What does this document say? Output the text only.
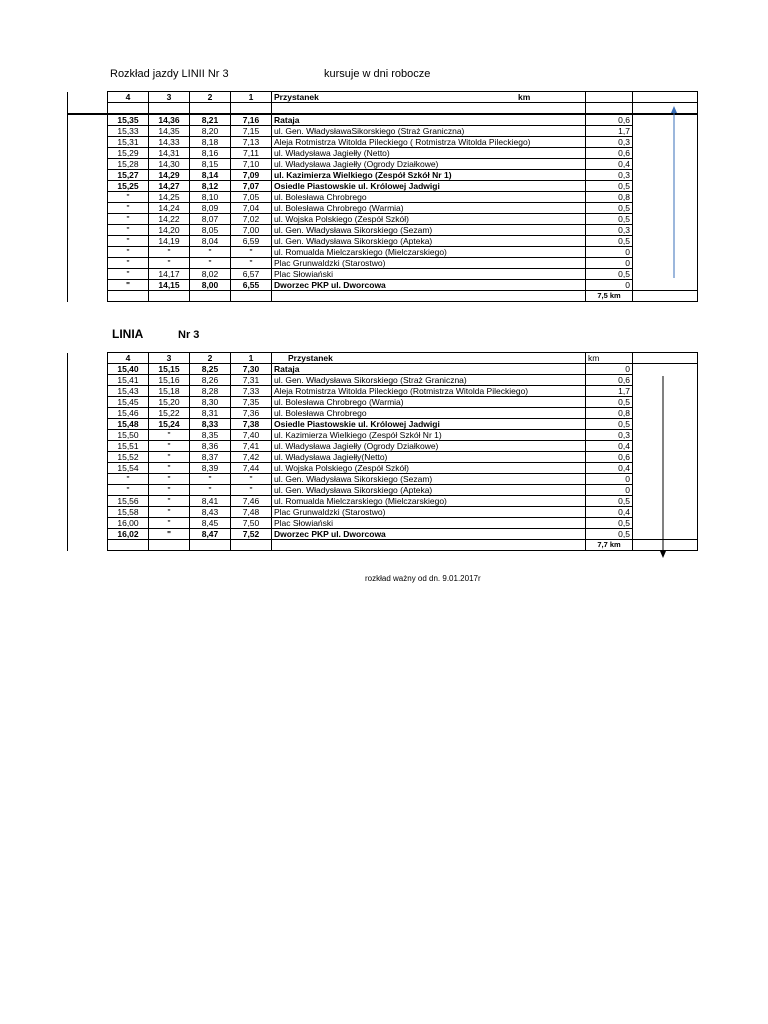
Rozkład jazdy LINII Nr 3	kursuje w dni robocze
	4	3	2	1	Przystanek	km	

	15,35	14,36	8,21	7,16	Rataja	0,6	
	15,33	14,35	8,20	7,15	ul. Gen. WładysławaSikorskiego (Straż Graniczna)	1,7	
	15,31	14,33	8,18	7,13	Aleja Rotmistrza Witolda Pileckiego ( Rotmistrza Witolda Pileckiego)	0,3	
	15,29	14,31	8,16	7,11	ul. Władysława Jagiełły (Netto)	0,6	
	15,28	14,30	8,15	7,10	ul. Władysława Jagiełły (Ogrody Działkowe)	0,4	
	15,27	14,29	8,14	7,09	ul. Kazimierza Wielkiego (Zespół Szkół Nr 1)	0,3	
	15,25	14,27	8,12	7,07	Osiedle Piastowskie ul. Królowej Jadwigi	0,5	
	"	14,25	8,10	7,05	ul. Bolesława Chrobrego	0,8	
	"	14,24	8,09	7,04	ul. Bolesława Chrobrego (Warmia)	0,5	
	"	14,22	8,07	7,02	ul. Wojska Polskiego (Zespół Szkół)	0,5	
	"	14,20	8,05	7,00	ul. Gen. Władysława Sikorskiego (Sezam)	0,3	
	"	14,19	8,04	6,59	ul. Gen. Władysława Sikorskiego (Apteka)	0,5	
	"	"	"	"	ul. Romualda Mielczarskiego (Mielczarskiego)	0	
	"	"	"	"	Plac Grunwaldzki (Starostwo)	0	
	"	14,17	8,02	6,57	Plac Słowiański	0,5	
	"	14,15	8,00	6,55	Dworzec PKP ul. Dworcowa	0	
						7,5 km	
LINIA	Nr 3
	4	3	2	1	Przystanek	km	
	15,40	15,15	8,25	7,30	Rataja	0	
	15,41	15,16	8,26	7,31	ul. Gen. Władysława Sikorskiego (Straż Graniczna)	0,6	
	15,43	15,18	8,28	7,33	Aleja Rotmistrza Witolda Pileckiego (Rotmistrza Witolda Pileckiego)	1,7	
	15,45	15,20	8,30	7,35	ul. Bolesława Chrobrego (Warmia)	0,5	
	15,46	15,22	8,31	7,36	ul. Bolesława Chrobrego	0,8	
	15,48	15,24	8,33	7,38	Osiedle Piastowskie ul. Królowej Jadwigi	0,5	
	15,50	"	8,35	7,40	ul. Kazimierza Wielkiego (Zespół Szkół Nr 1)	0,3	
	15,51	"	8,36	7,41	ul. Władysława Jagiełły (Ogrody Działkowe)	0,4	
	15,52	"	8,37	7,42	ul. Władysława Jagiełły(Netto)	0,6	
	15,54	"	8,39	7,44	ul. Wojska Polskiego (Zespół Szkół)	0,4	
	"	"	"	"	ul. Gen. Władysława Sikorskiego (Sezam)	0	
	"	"	"	"	ul. Gen. Władysława Sikorskiego (Apteka)	0	
	15,56	"	8,41	7,46	ul. Romualda Mielczarskiego (Mielczarskiego)	0,5	
	15,58	"	8,43	7,48	Plac Grunwaldzki (Starostwo)	0,4	
	16,00	"	8,45	7,50	Plac Słowiański	0,5	
	16,02	"	8,47	7,52	Dworzec PKP ul. Dworcowa	0,5	
						7,7 km	
rozkład ważny od dn. 9.01.2017r
